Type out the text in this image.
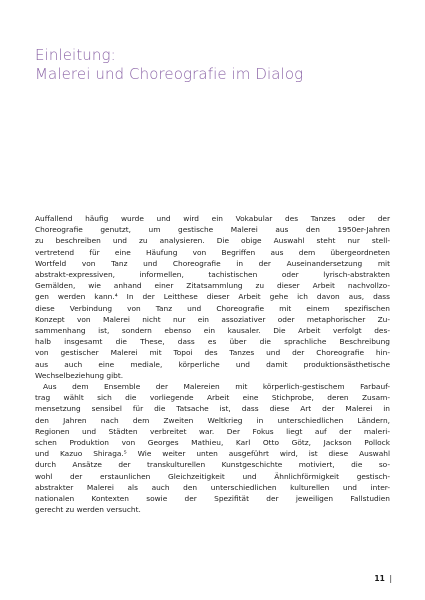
Einleitung:
Malerei und Choreografie im Dialog

Auffallend häufig wurde und wird ein Vokabular des Tanzes oder der
Choreografie genutzt, um gestische Malerei aus den 1950er-Jahren
zu beschreiben und zu analysieren. Die obige Auswahl steht nur stell-
vertretend für eine Häufung von Begriffen aus dem übergeordneten
Wortfeld von Tanz und Choreografie in der Auseinandersetzung mit
abstrakt-expressiven, informellen, tachistischen oder lyrisch-abstrakten
Gemälden, wie anhand einer Zitatsammlung zu dieser Arbeit nachvollzo-
gen werden kann.⁴ In der Leitthese dieser Arbeit gehe ich davon aus, dass
diese Verbindung von Tanz und Choreografie mit einem spezifischen
Konzept von Malerei nicht nur ein assoziativer oder metaphorischer Zu-
sammenhang ist, sondern ebenso ein kausaler. Die Arbeit verfolgt des-
halb insgesamt die These, dass es über die sprachliche Beschreibung
von gestischer Malerei mit Topoi des Tanzes und der Choreografie hin-
aus auch eine mediale, körperliche und damit produktionsästhetische
Wechselbeziehung gibt.

Aus dem Ensemble der Malereien mit körperlich-gestischem Farbauf-
trag wählt sich die vorliegende Arbeit eine Stichprobe, deren Zusam-
mensetzung sensibel für die Tatsache ist, dass diese Art der Malerei in
den Jahren nach dem Zweiten Weltkrieg in unterschiedlichen Ländern,
Regionen und Städten verbreitet war. Der Fokus liegt auf der maleri-
schen Produktion von Georges Mathieu, Karl Otto Götz, Jackson Pollock
und Kazuo Shiraga.⁵ Wie weiter unten ausgeführt wird, ist diese Auswahl
durch Ansätze der transkulturellen Kunstgeschichte motiviert, die so-
wohl der erstaunlichen Gleichzeitigkeit und Ähnlichförmigkeit gestisch-
abstrakter Malerei als auch den unterschiedlichen kulturellen und inter-
nationalen Kontexten sowie der Spezifität der jeweiligen Fallstudien
gerecht zu werden versucht.

11 |
